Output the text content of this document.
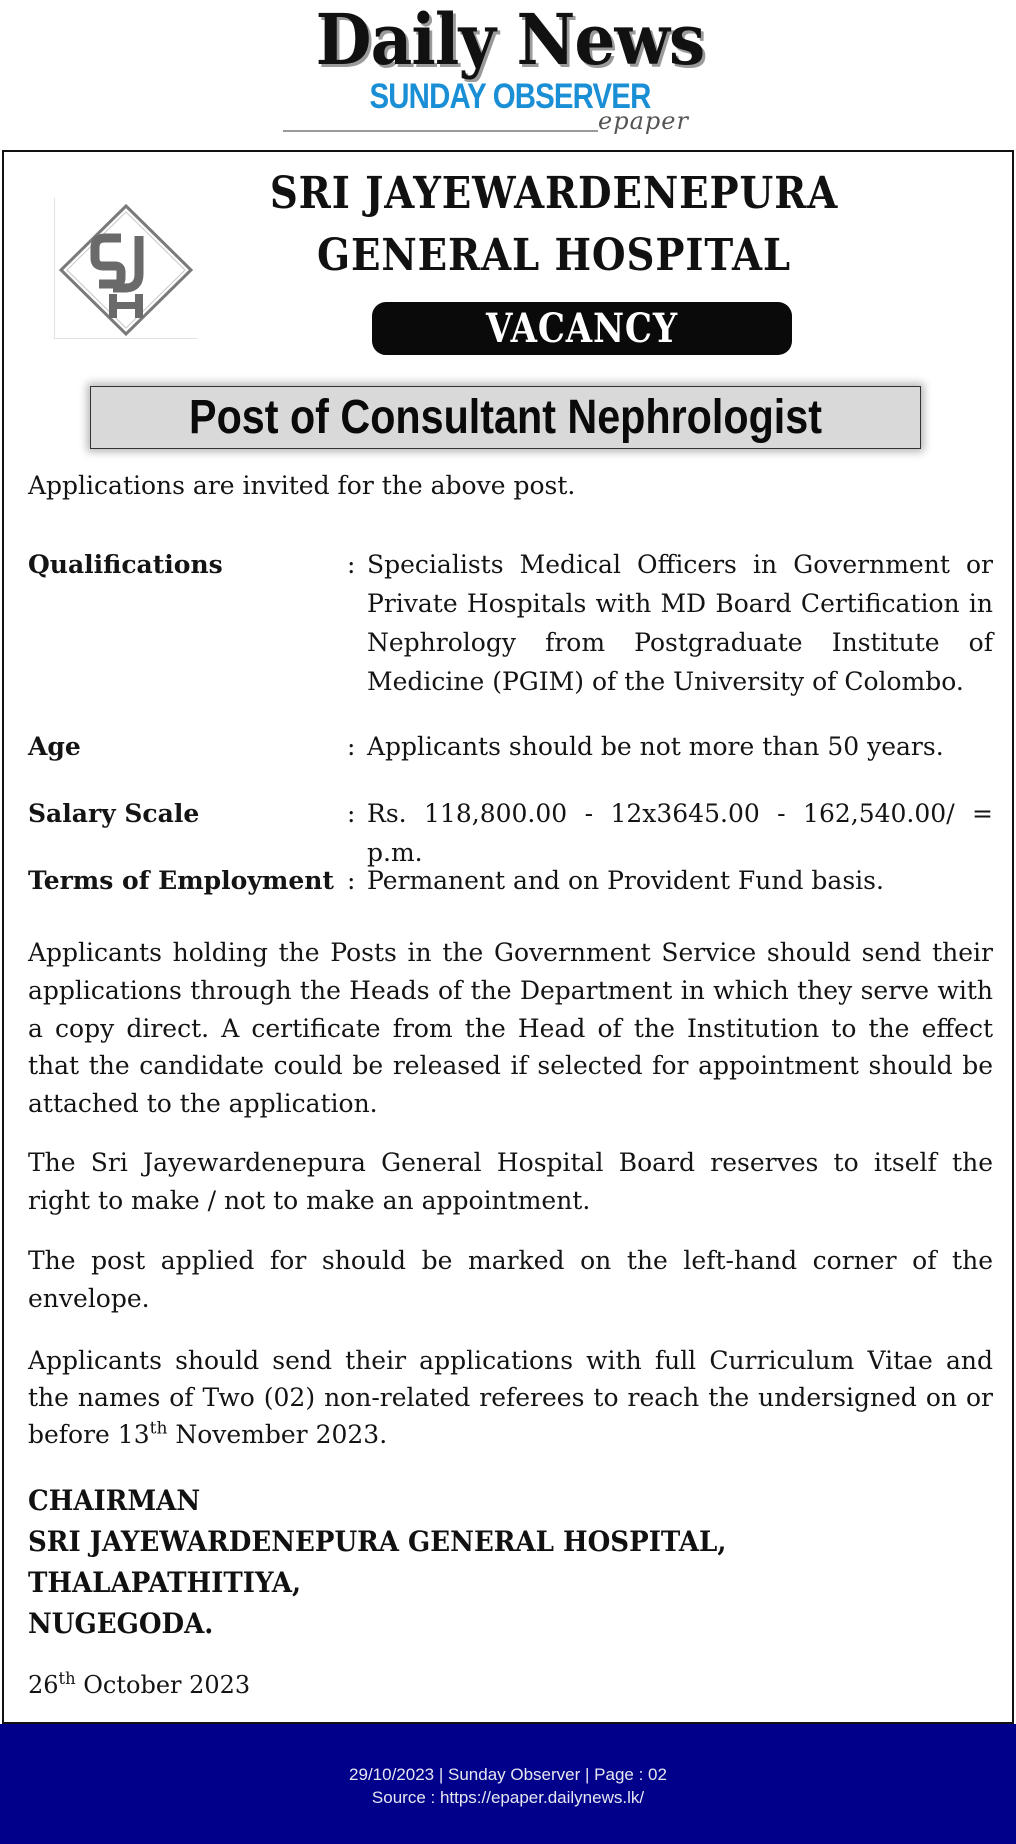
Daily News
SUNDAY OBSERVER
epaper
SRI JAYEWARDENEPURA
GENERAL HOSPITAL
VACANCY
Post of Consultant Nephrologist
Applications are invited for the above post.
Qualifications	: Specialists Medical Officers in Government or Private Hospitals with MD Board Certification in Nephrology from Postgraduate Institute of Medicine (PGIM) of the University of Colombo.
Age	: Applicants should be not more than 50 years.
Salary Scale	: Rs. 118,800.00 - 12x3645.00 - 162,540.00/ = p.m.
Terms of Employment : Permanent and on Provident Fund basis.
Applicants holding the Posts in the Government Service should send their applications through the Heads of the Department in which they serve with a copy direct. A certificate from the Head of the Institution to the effect that the candidate could be released if selected for appointment should be attached to the application.
The Sri Jayewardenepura General Hospital Board reserves to itself the right to make / not to make an appointment.
The post applied for should be marked on the left-hand corner of the envelope.
Applicants should send their applications with full Curriculum Vitae and the names of Two (02) non-related referees to reach the undersigned on or before 13th November 2023.
CHAIRMAN
SRI JAYEWARDENEPURA GENERAL HOSPITAL,
THALAPATHITIYA,
NUGEGODA.
26th October 2023
29/10/2023 | Sunday Observer | Page : 02
Source : https://epaper.dailynews.lk/
